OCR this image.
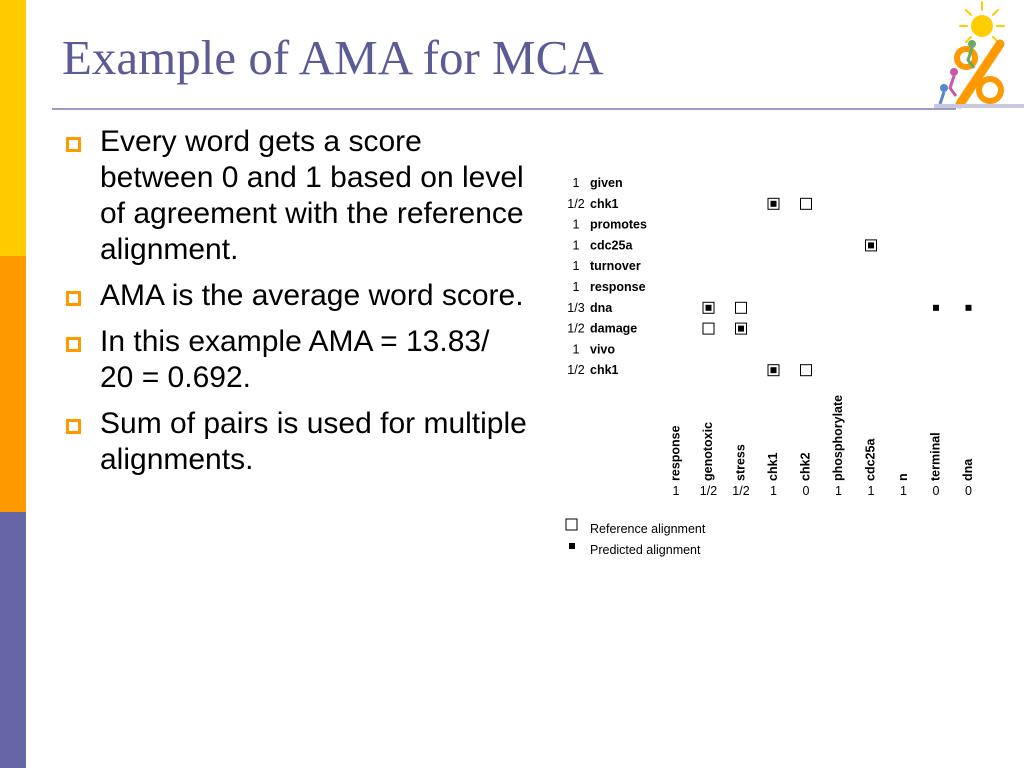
Example of AMA for MCA
Every word gets a score between 0 and 1 based on level of agreement with the reference alignment.
AMA is the average word score.
In this example AMA = 13.83/ 20 = 0.692.
Sum of pairs is used for multiple alignments.
1 given
1/2 chk1
1 promotes
1 cdc25a
1 turnover
1 response
1/3 dna
1/2 damage
1 vivo
1/2 chk1
response
1
genotoxic
1/2
stress
1/2
chk1
1
chk2
0
phosphorylate
1
cdc25a
1
n
1
terminal
0
dna
0
Reference alignment
Predicted alignment
